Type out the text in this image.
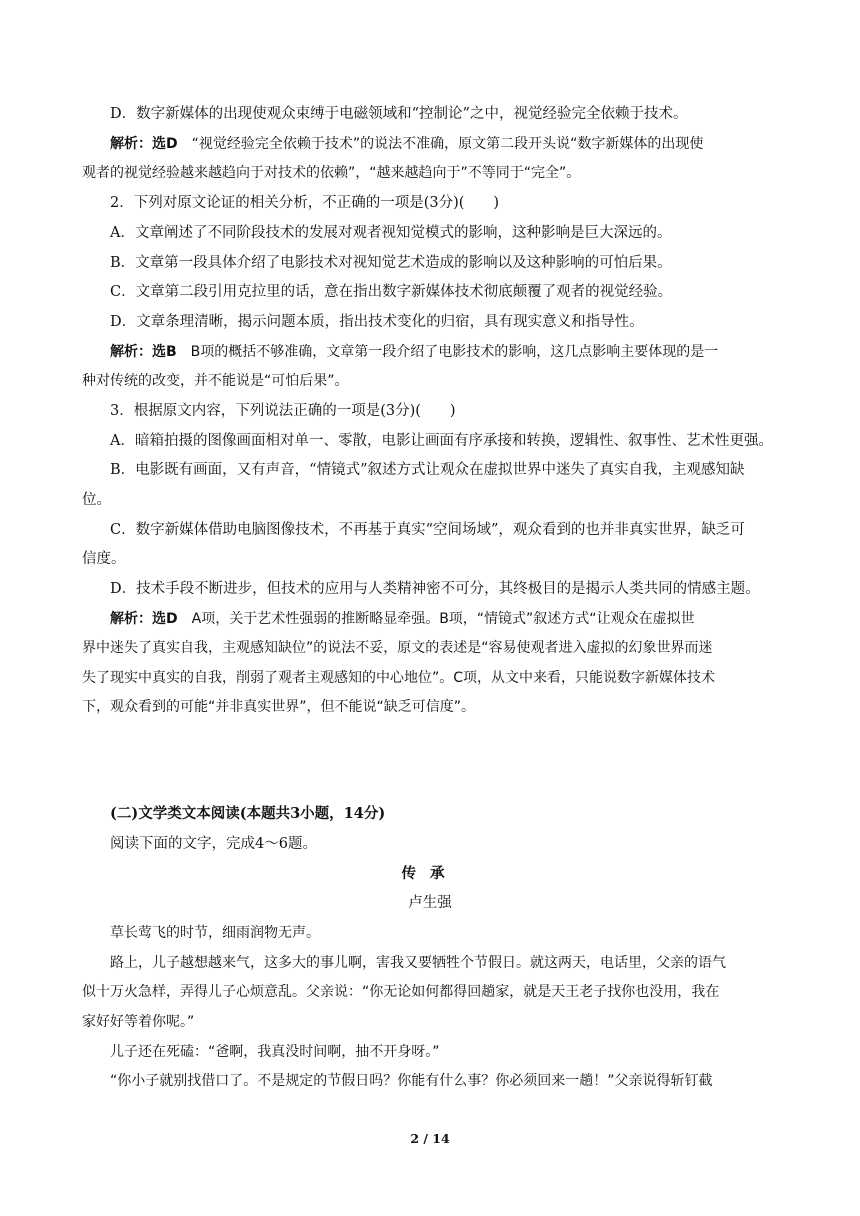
D．数字新媒体的出现使观众束缚于电磁领域和“控制论”之中，视觉经验完全依赖于技术。
解析：选D　 “视觉经验完全依赖于技术”的说法不准确，原文第二段开头说“数字新媒体的出现使
观者的视觉经验越来越趋向于对技术的依赖”，“越来越趋向于”不等同于“完全”。
2．下列对原文论证的相关分析，不正确的一项是(3分)(　　)
A．文章阐述了不同阶段技术的发展对观者视知觉模式的影响，这种影响是巨大深远的。
B．文章第一段具体介绍了电影技术对视知觉艺术造成的影响以及这种影响的可怕后果。
C．文章第二段引用克拉里的话，意在指出数字新媒体技术彻底颠覆了观者的视觉经验。
D．文章条理清晰，揭示问题本质，指出技术变化的归宿，具有现实意义和指导性。
解析：选B　 B项的概括不够准确，文章第一段介绍了电影技术的影响，这几点影响主要体现的是一
种对传统的改变，并不能说是“可怕后果”。
3．根据原文内容，下列说法正确的一项是(3分)(　　)
A．暗箱拍摄的图像画面相对单一、零散，电影让画面有序承接和转换，逻辑性、叙事性、艺术性更强。
B．电影既有画面，又有声音，“情镜式”叙述方式让观众在虚拟世界中迷失了真实自我，主观感知缺
位。
C．数字新媒体借助电脑图像技术，不再基于真实“空间场域”，观众看到的也并非真实世界，缺乏可
信度。
D．技术手段不断进步，但技术的应用与人类精神密不可分，其终极目的是揭示人类共同的情感主题。
解析：选D　 A项，关于艺术性强弱的推断略显牵强。B项，“情镜式”叙述方式“让观众在虚拟世
界中迷失了真实自我，主观感知缺位”的说法不妥，原文的表述是“容易使观者进入虚拟的幻象世界而迷
失了现实中真实的自我，削弱了观者主观感知的中心地位”。C项，从文中来看，只能说数字新媒体技术
下，观众看到的可能“并非真实世界”，但不能说“缺乏可信度”。
(二)文学类文本阅读(本题共3小题，14分)
阅读下面的文字，完成4～6题。
传承
卢生强
草长莺飞的时节，细雨润物无声。
路上，儿子越想越来气，这多大的事儿啊，害我又要牺牲个节假日。就这两天，电话里，父亲的语气
似十万火急样，弄得儿子心烦意乱。父亲说：“你无论如何都得回趟家，就是天王老子找你也没用，我在
家好好等着你呢。”
儿子还在死磕：“爸啊，我真没时间啊，抽不开身呀。”
“你小子就别找借口了。不是规定的节假日吗？你能有什么事？你必须回来一趟！”父亲说得斩钉截
2 / 14
